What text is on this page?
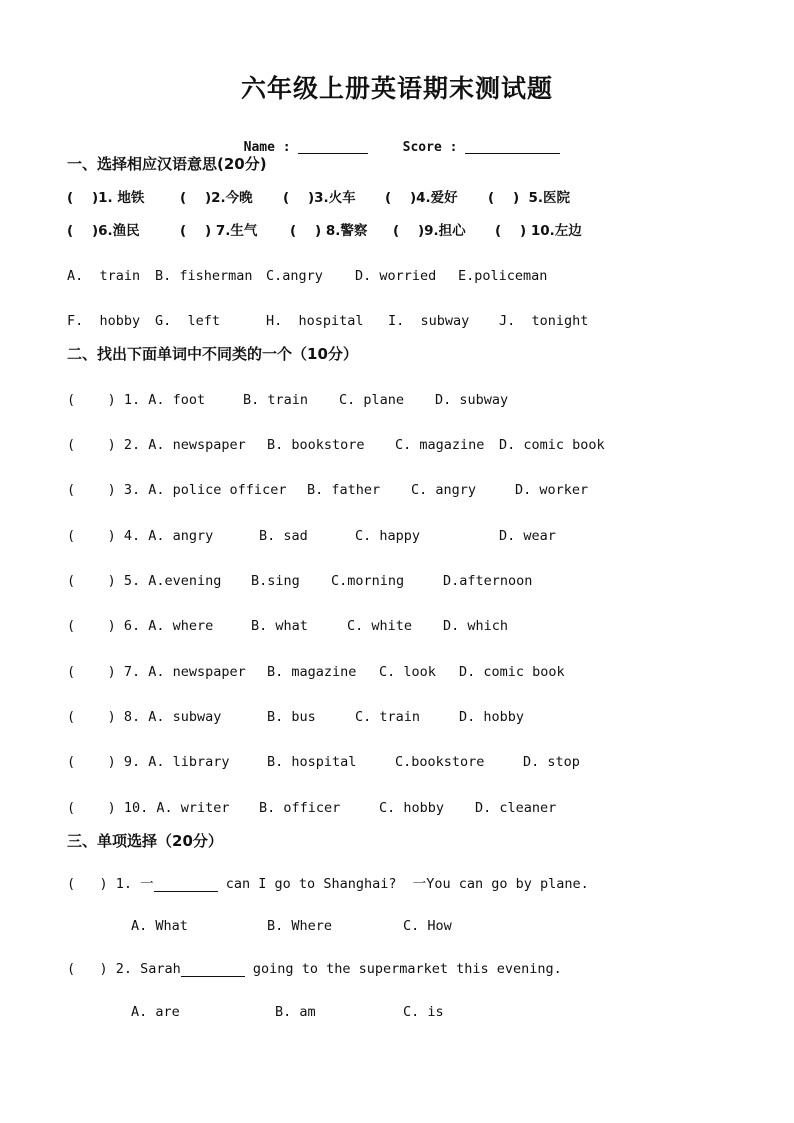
六年级上册英语期末测试题

Name :	Score :

一、选择相应汉语意思(20分)
(    )1. 地铁	(    )2.今晚 (    )3.火车 (    )4.爱好 (    )  5.医院
(    )6.渔民	(    ) 7.生气 (    ) 8.警察 (    )9.担心 (    ) 10.左边
A.  train B. fisherman C.angry D. worried E.policeman
F.  hobby G.  left	H.  hospital I.  subway J.  tonight
二、找出下面单词中不同类的一个（10分）
(    ) 1. A. foot	B. train C. plane D. subway
(    ) 2. A. newspaper B. bookstore C. magazine D. comic book
(    ) 3. A. police officer B. father C. angry	D. worker
(    ) 4. A. angry	B. sad	C. happy	D. wear
(    ) 5. A.evening B.sing C.morning	D.afternoon
(    ) 6. A. where	B. what	C. white D. which
(    ) 7. A. newspaper B. magazine C. look D. comic book
(    ) 8. A. subway	B. bus	C. train	D. hobby
(    ) 9. A. library	B. hospital	C.bookstore	D. stop
(    ) 10. A. writer B. officer	C. hobby D. cleaner
三、单项选择（20分）
(   ) 1. 一	can I go to Shanghai?  一You can go by plane.
A. What	B. Where	C. How
(   ) 2. Sarah	going to the supermarket this evening.
A. are	B. am	C. is
